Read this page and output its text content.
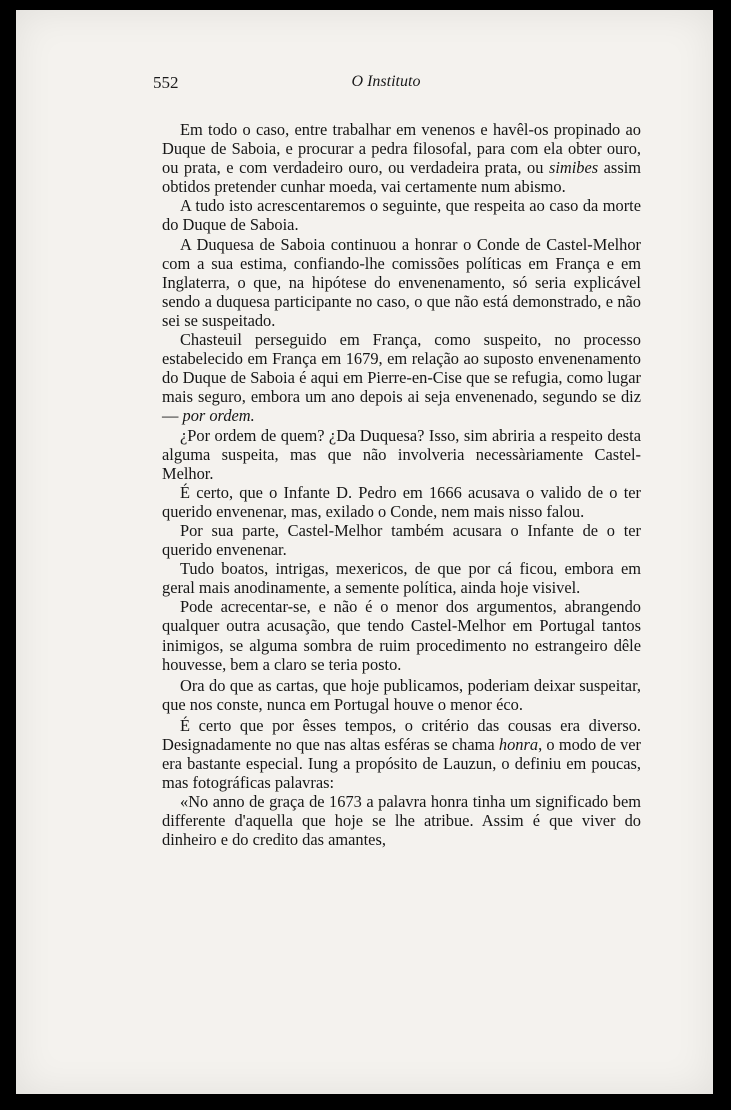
552	O Instituto

Em todo o caso, entre trabalhar em venenos e havêl-os propinado ao Duque de Saboia, e procurar a pedra filosofal, para com ela obter ouro, ou prata, e com verdadeiro ouro, ou verdadeira prata, ou simibes assim obtidos pretender cunhar moeda, vai certamente num abismo.

A tudo isto acrescentaremos o seguinte, que respeita ao caso da morte do Duque de Saboia.

A Duquesa de Saboia continuou a honrar o Conde de Castel-Melhor com a sua estima, confiando-lhe comissões políticas em França e em Inglaterra, o que, na hipótese do envenenamento, só seria explicável sendo a duquesa participante no caso, o que não está demonstrado, e não sei se suspeitado.

Chasteuil perseguido em França, como suspeito, no processo estabelecido em França em 1679, em relação ao suposto envenenamento do Duque de Saboia é aqui em Pierre-en-Cise que se refugia, como lugar mais seguro, embora um ano depois ai seja envenenado, segundo se diz — por ordem.

¿Por ordem de quem? ¿Da Duquesa? Isso, sim abriria a respeito desta alguma suspeita, mas que não involveria necessàriamente Castel-Melhor.

É certo, que o Infante D. Pedro em 1666 acusava o valido de o ter querido envenenar, mas, exilado o Conde, nem mais nisso falou.

Por sua parte, Castel-Melhor também acusara o Infante de o ter querido envenenar.

Tudo boatos, intrigas, mexericos, de que por cá ficou, embora em geral mais anodinamente, a semente política, ainda hoje visivel.

Pode acrecentar-se, e não é o menor dos argumentos, abrangendo qualquer outra acusação, que tendo Castel-Melhor em Portugal tantos inimigos, se alguma sombra de ruim procedimento no estrangeiro dêle houvesse, bem a claro se teria posto.

Ora do que as cartas, que hoje publicamos, poderiam deixar suspeitar, que nos conste, nunca em Portugal houve o menor éco.

É certo que por êsses tempos, o critério das cousas era diverso. Designadamente no que nas altas esféras se chama honra, o modo de ver era bastante especial. Iung a propósito de Lauzun, o definiu em poucas, mas fotográficas palavras:

«No anno de graça de 1673 a palavra honra tinha um significado bem differente d'aquella que hoje se lhe atribue. Assim é que viver do dinheiro e do credito das amantes,
